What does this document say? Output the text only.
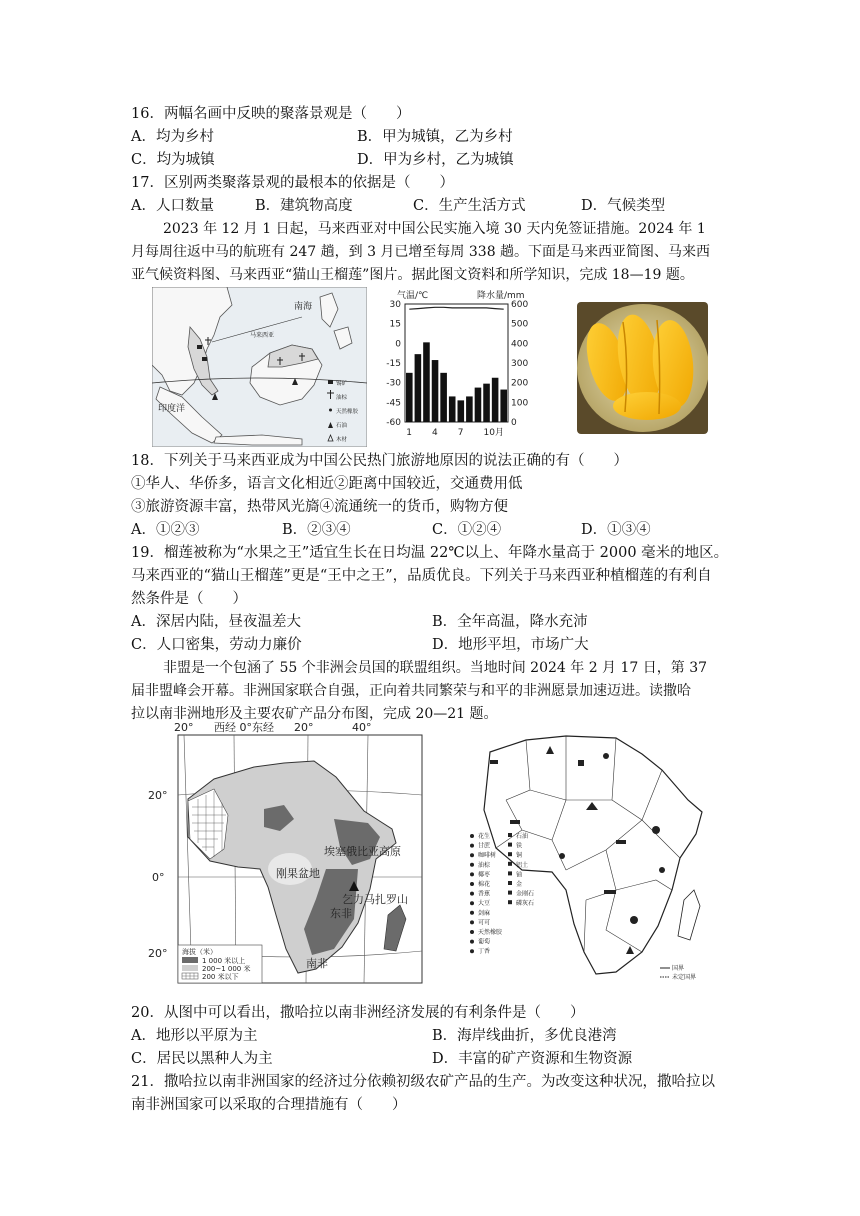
16．两幅名画中反映的聚落景观是（　　）
A．均为乡村	B．甲为城镇，乙为乡村
C．均为城镇	D．甲为乡村，乙为城镇
17．区别两类聚落景观的最根本的依据是（　　）
A．人口数量	B．建筑物高度	C．生产生活方式	D．气候类型
2023 年 12 月 1 日起，马来西亚对中国公民实施入境 30 天内免签证措施。2024 年 1
月每周往返中马的航班有 247 趟，到 3 月已增至每周 338 趟。下面是马来西亚简图、马来西
亚气候资料图、马来西亚“猫山王榴莲”图片。据此图文资料和所学知识，完成 18—19 题。
南海
印度洋
马来西亚
锡矿
油棕
天然橡胶
石油
木材
气温/℃	降水量/mm
30
15
0
-15
-30
-45
-60
600
500
400
300
200
100
0
1 4 7 10月
18．下列关于马来西亚成为中国公民热门旅游地原因的说法正确的有（　　）
①华人、华侨多，语言文化相近②距离中国较近，交通费用低
③旅游资源丰富，热带风光旖④流通统一的货币，购物方便
A．①②③	B．②③④	C．①②④	D．①③④
19．榴莲被称为“水果之王”适宜生长在日均温 22℃以上、年降水量高于 2000 毫米的地区。
马来西亚的“猫山王榴莲”更是“王中之王”，品质优良。下列关于马来西亚种植榴莲的有利自
然条件是（　　）
A．深居内陆，昼夜温差大	B．全年高温，降水充沛
C．人口密集，劳动力廉价	D．地形平坦，市场广大
非盟是一个包涵了 55 个非洲会员国的联盟组织。当地时间 2024 年 2 月 17 日，第 37
届非盟峰会开幕。非洲国家联合自强，正向着共同繁荣与和平的非洲愿景加速迈进。读撒哈
拉以南非洲地形及主要农矿产品分布图，完成 20—21 题。
20° 西经 0°东经 20°	40°
20°
0°
20°
埃塞俄比亚高原
刚果盆地
乞力马扎罗山
东非
南非
海拔（米）
1 000 米以上
200~1 000 米
200 米以下
花生
甘蔗
咖啡树
油棕
椰枣
棉花
香蕉
大豆
剑麻
可可
天然橡胶
葡萄
丁香
石油
铁
铜
铝土
铀
金
金刚石
磷灰石
国界
未定国界
20．从图中可以看出，撒哈拉以南非洲经济发展的有利条件是（　　）
A．地形以平原为主	B．海岸线曲折，多优良港湾
C．居民以黑种人为主	D．丰富的矿产资源和生物资源
21．撒哈拉以南非洲国家的经济过分依赖初级农矿产品的生产。为改变这种状况，撒哈拉以
南非洲国家可以采取的合理措施有（　　）
